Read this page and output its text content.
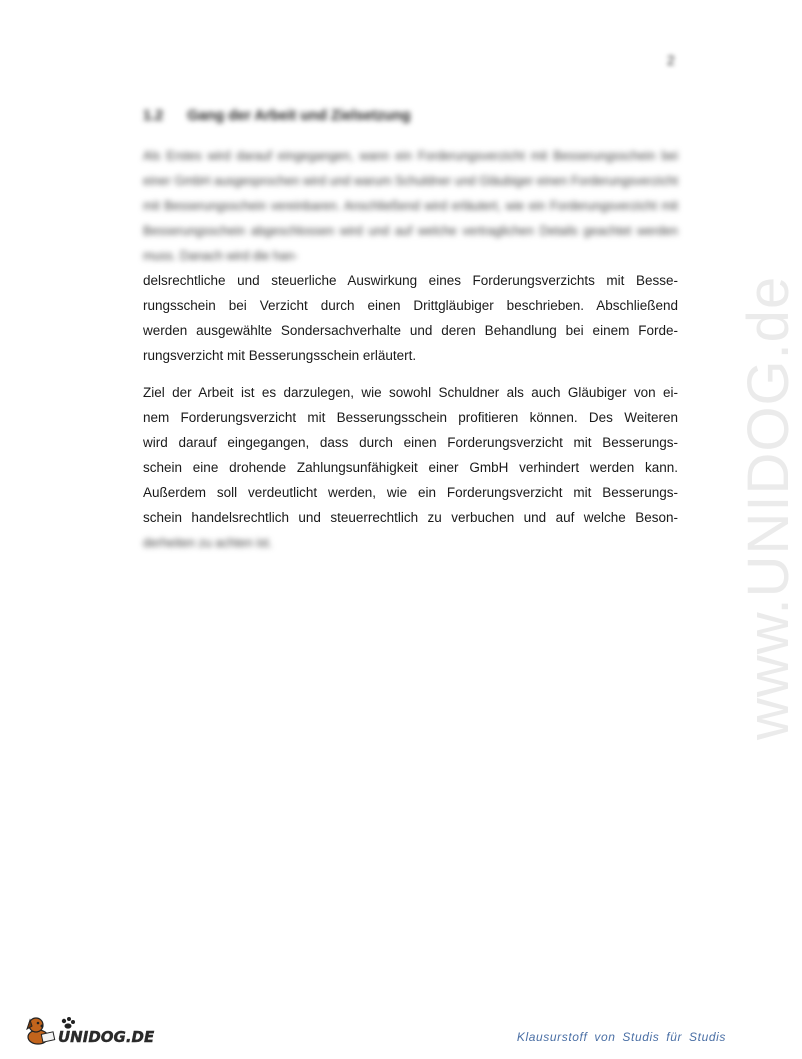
2
1.2 Gang der Arbeit und Zielsetzung
Als Erstes wird darauf eingegangen, wann ein Forderungsverzicht mit Besserungsschein bei einer GmbH ausgesprochen wird und warum Schuldner und Gläubiger einen Forderungsverzicht mit Besserungsschein vereinbaren. Anschließend wird erläutert, wie ein Forderungsverzicht mit Besserungsschein abgeschlossen wird und auf welche vertraglichen Details geachtet werden muss. Danach wird die han-
delsrechtliche und steuerliche Auswirkung eines Forderungsverzichts mit Besse-
rungsschein bei Verzicht durch einen Drittgläubiger beschrieben. Abschließend
werden ausgewählte Sondersachverhalte und deren Behandlung bei einem Forde-
rungsverzicht mit Besserungsschein erläutert.
Ziel der Arbeit ist es darzulegen, wie sowohl Schuldner als auch Gläubiger von ei-
nem Forderungsverzicht mit Besserungsschein profitieren können. Des Weiteren
wird darauf eingegangen, dass durch einen Forderungsverzicht mit Besserungs-
schein eine drohende Zahlungsunfähigkeit einer GmbH verhindert werden kann.
Außerdem soll verdeutlicht werden, wie ein Forderungsverzicht mit Besserungs-
schein handelsrechtlich und steuerrechtlich zu verbuchen und auf welche Beson-
derheiten zu achten ist.	www.UNIDOG.de
UNIDOG.DE	Klausurstoff von Studis für Studis
